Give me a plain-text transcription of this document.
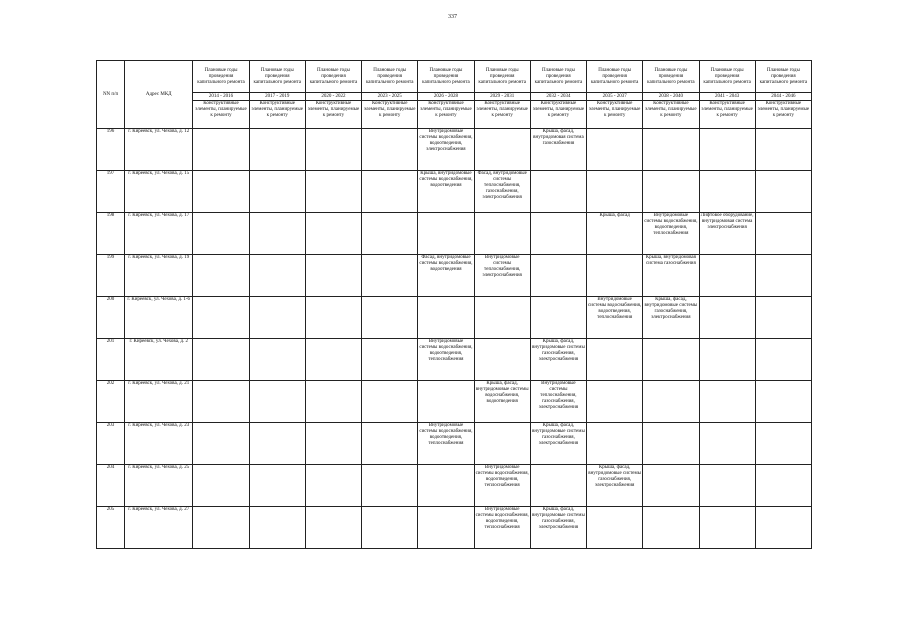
337
NN п/п	Адрес МКД	Плановые годы проведения капитального ремонта	Плановые годы проведения капитального ремонта	Плановые годы проведения капитального ремонта	Плановые годы проведения капитального ремонта	Плановые годы проведения капитального ремонта	Плановые годы проведения капитального ремонта	Плановые годы проведения капитального ремонта	Плановые годы проведения капитального ремонта	Плановые годы проведения капитального ремонта	Плановые годы проведения капитального ремонта	Плановые годы проведения капитального ремонта
		2014 - 2016	2017 - 2019	2020 - 2022	2023 - 2025	2026 - 2028	2029 - 2031	2032 - 2034	2035 - 2037	2038 - 2040	2041 - 2043	2044 - 2046
		Конструктивные элементы, планируемые к ремонту	Конструктивные элементы, планируемые к ремонту	Конструктивные элементы, планируемые к ремонту	Конструктивные элементы, планируемые к ремонту	Конструктивные элементы, планируемые к ремонту	Конструктивные элементы, планируемые к ремонту	Конструктивные элементы, планируемые к ремонту	Конструктивные элементы, планируемые к ремонту	Конструктивные элементы, планируемые к ремонту	Конструктивные элементы, планируемые к ремонту	Конструктивные элементы, планируемые к ремонту
196	г. Киреевск, ул. Чехова, д. 12					Внутридомовые системы водоснабжения, водоотведения, электроснабжения		Крыша, фасад, внутридомовая система газоснабжения				
197	г. Киреевск, ул. Чехова, д. 15					Крыша, внутридомовые системы водоснабжения, водоотведения	Фасад, внутридомовые системы теплоснабжения, газоснабжения, электроснабжения					
198	г. Киреевск, ул. Чехова, д. 17								Крыша, фасад	Внутридомовые системы водоснабжения, водоотведения, теплоснабжения	Лифтовое оборудование, внутридомовая система электроснабжения	
199	г. Киреевск, ул. Чехова, д. 19					Фасад, внутридомовые системы водоснабжения, водоотведения	Внутридомовые системы теплоснабжения, электроснабжения			Крыша, внутридомовая система газоснабжения		
200	г. Киреевск, ул. Чехова, д. 1-б								Внутридомовые системы водоснабжения, водоотведения, теплоснабжения	Крыша, фасад, внутридомовые системы газоснабжения, электроснабжения		
201	г. Киреевск, ул. Чехова, д. 2					Внутридомовые системы водоснабжения, водоотведения, теплоснабжения		Крыша, фасад, внутридомовые системы газоснабжения, электроснабжения				
202	г. Киреевск, ул. Чехова, д. 21						Крыша, фасад, внутридомовые системы водоснабжения, водоотведения	Внутридомовые системы теплоснабжения, газоснабжения, электроснабжения				
203	г. Киреевск, ул. Чехова, д. 23					Внутридомовые системы водоснабжения, водоотведения, теплоснабжения		Крыша, фасад, внутридомовые системы газоснабжения, электроснабжения				
204	г. Киреевск, ул. Чехова, д. 25						Внутридомовые системы водоснабжения, водоотведения, теплоснабжения		Крыша, фасад, внутридомовые системы газоснабжения, электроснабжения			
205	г. Киреевск, ул. Чехова, д. 27						Внутридомовые системы водоснабжения, водоотведения, теплоснабжения	Крыша, фасад, внутридомовые системы газоснабжения, электроснабжения				
